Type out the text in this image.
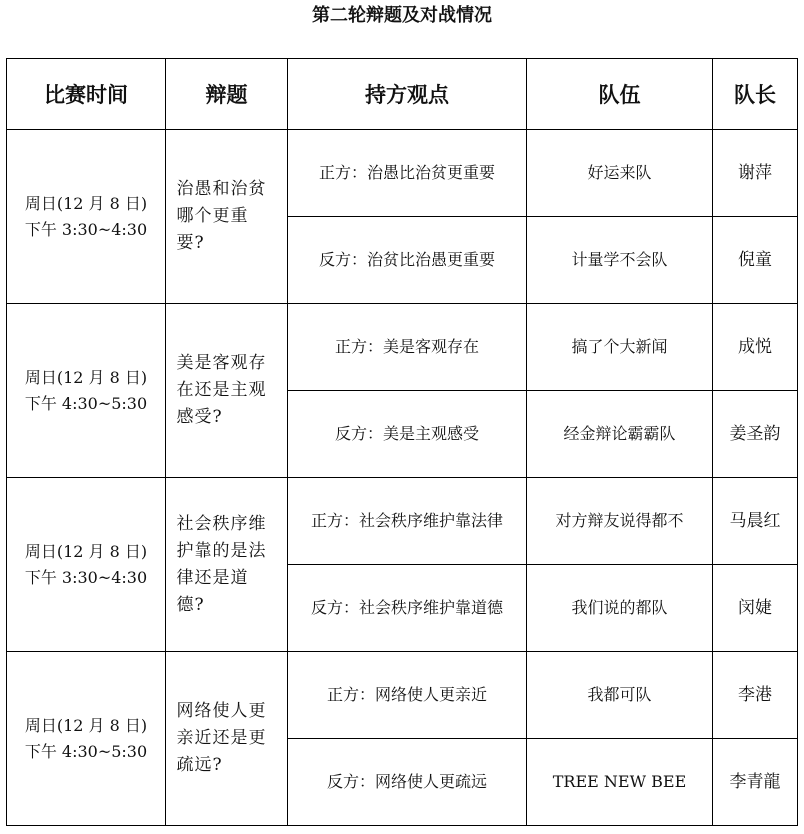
第二轮辩题及对战情况
比赛时间	辩题	持方观点	队伍	队长

周日(12 月 8 日)
下午 3:30~4:30	治愚和治贫哪个更重要?	正方：治愚比治贫更重要	好运来队	谢萍
		反方：治贫比治愚更重要	计量学不会队	倪童

周日(12 月 8 日)
下午 4:30~5:30	美是客观存在还是主观感受?	正方：美是客观存在	搞了个大新闻	成悦
		反方：美是主观感受	经金辩论霸霸队	姜圣韵

周日(12 月 8 日)
下午 3:30~4:30	社会秩序维护靠的是法律还是道德?	正方：社会秩序维护靠法律	对方辩友说得都不	马晨红
		反方：社会秩序维护靠道德	我们说的都队	闵婕

周日(12 月 8 日)
下午 4:30~5:30	网络使人更亲近还是更疏远?	正方：网络使人更亲近	我都可队	李港
		反方：网络使人更疏远	TREE NEW BEE	李青龍
